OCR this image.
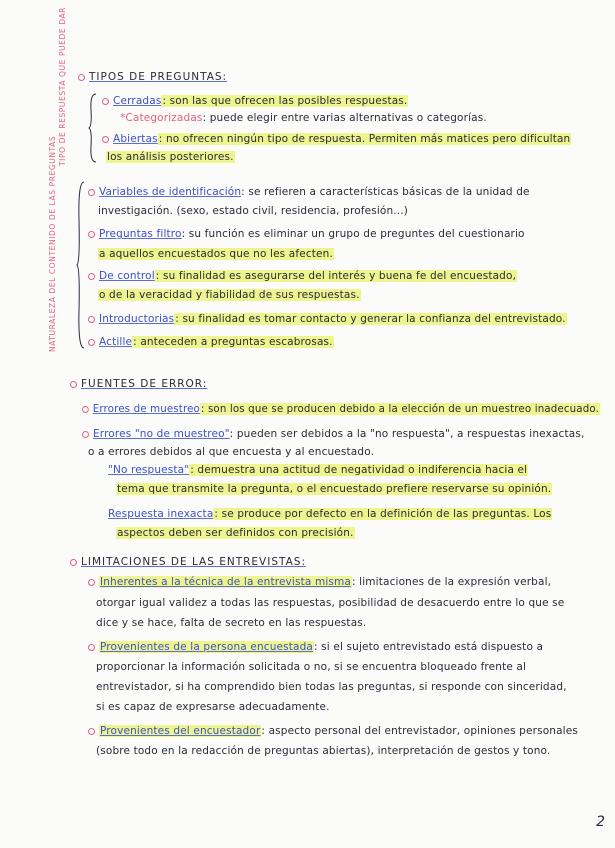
TIPOS DE PREGUNTAS:
TIPO DE RESPUESTA QUE PUEDE DAR	Cerradas: son las que ofrecen las posibles respuestas.
*Categorizadas: puede elegir entre varias alternativas o categorías.
Abiertas: no ofrecen ningún tipo de respuesta. Permiten más matices pero dificultan
los análisis posteriores.
NATURALEZA DEL CONTENIDO DE LAS PREGUNTAS	Variables de identificación: se refieren a características básicas de la unidad de
investigación. (sexo, estado civil, residencia, profesión...)
Preguntas filtro: su función es eliminar un grupo de preguntes del cuestionario
a aquellos encuestados que no les afecten.
De control: su finalidad es asegurarse del interés y buena fe del encuestado,
o de la veracidad y fiabilidad de sus respuestas.
Introductorias: su finalidad es tomar contacto y generar la confianza del entrevistado.
Actille: anteceden a preguntas escabrosas.
FUENTES DE ERROR:
Errores de muestreo: son los que se producen debido a la elección de un muestreo inadecuado.
Errores "no de muestreo": pueden ser debidos a la "no respuesta", a respuestas inexactas,
o a errores debidos al que encuesta y al encuestado.
"No respuesta": demuestra una actitud de negatividad o indiferencia hacia el
tema que transmite la pregunta, o el encuestado prefiere reservarse su opinión.
Respuesta inexacta: se produce por defecto en la definición de las preguntas. Los
aspectos deben ser definidos con precisión.
LIMITACIONES DE LAS ENTREVISTAS:
Inherentes a la técnica de la entrevista misma: limitaciones de la expresión verbal,
otorgar igual validez a todas las respuestas, posibilidad de desacuerdo entre lo que se
dice y se hace, falta de secreto en las respuestas.
Provenientes de la persona encuestada: si el sujeto entrevistado está dispuesto a
proporcionar la información solicitada o no, si se encuentra bloqueado frente al
entrevistador, si ha comprendido bien todas las preguntas, si responde con sinceridad,
si es capaz de expresarse adecuadamente.
Provenientes del encuestador: aspecto personal del entrevistador, opiniones personales
(sobre todo en la redacción de preguntas abiertas), interpretación de gestos y tono.
2
